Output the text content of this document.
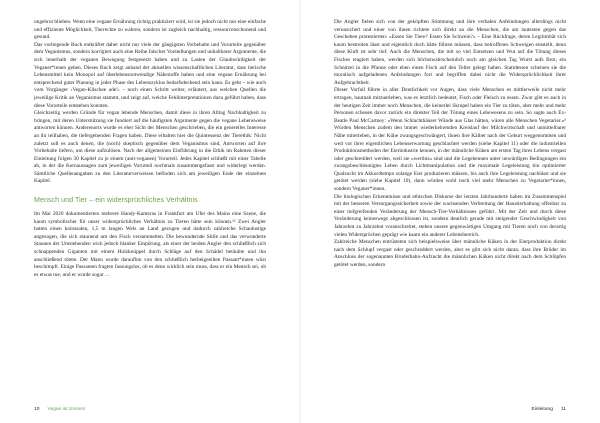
ungebrot blieben. Wenn eine vegane Ernährung richtig praktiziert wird, ist sie jedoch nicht nur eine einfache und effiziente Möglichkeit, Tierrechte zu wahren, sondern ist zugleich nachhaltig, ressourcenschonend und gesund.

Das vorliegende Buch entkräftet daher nicht nur viele der gängigsten Vorbehalte und Vorurteile gegenüber dem Veganismus, sondern korrigiert auch eine Reihe falscher Vorstellungen und unhaltbarer Argumente, die sich innerhalb der veganen Bewegung festgesetzt haben und zu Lasten der Glaubwürdigkeit der Veganer*innen gehen. Dieses Buch zeigt anhand der aktuellen wissenschaftlichen Literatur, dass tierische Lebensmittel kein Monopol auf überlebensnotwendige Nährstoffe haben und eine vegane Ernährung bei entsprechend guter Planung in jeder Phase des Lebenszyklus bedarfsdeckend sein kann. Es geht – wie auch vom Vorgänger ›Vegan-Klischee ade!‹ – noch einen Schritt weiter, erläutert, aus welchen Quellen die jeweilige Kritik an Veganismus stammt, und zeigt auf, welche Fehlinterpretationen dazu geführt haben, dass diese Vorurteile entstehen konnten.

Gleichzeitig werden Gründe für vegan lebende Menschen, damit diese in ihren Alltag Nachhaltigkeit zu bringen, mit deren Unterstützung sie fundiert auf die häufigsten Argumente gegen die vegane Lebensweise antworten können. Anderenorts wurde es eher Sicht der Menschen geschrieben, die ein generelles Interesse an ihr teilhaben, die tiefergehenden Fragen haben. Diese erhalten hier die Quintessenz der Tierethik: Nicht zuletzt soll es auch denen, die (noch) skeptisch gegenüber dem Veganismus sind, Antworten auf ihre Vorbehalte liefern, um diese aufzulösen. Nach der allgemeinen Einführung in die Ethik im Rahmen dieser Einleitung folgen 30 Kapitel zu je einem (anti-veganen) Vorurteil. Jedes Kapitel schließt mit einer Tabelle ab, in der die Kernaussagen zum jeweiligen Vorurteil nochmals zusammengefasst und widerlegt werden. Sämtliche Quellenangaben zu den Literaturverweisen befinden sich am jeweiligen Ende der einzelnen Kapitel.

Mensch und Tier – ein widersprüchliches Verhältnis

Im Mai 2020 dokumentierten mehrere Handy-Kameras in Frankfurt am Ufer des Mains eine Szene, die kaum symbolischer für unser widersprüchliches Verhältnis zu Tieren hätte sein können.¹² Zwei Angler hatten einen kolossalen, 1,5 m langen Wels an Land gezogen und dadurch zahlreiche Schaulustige angezogen, die sich staunend um den Fisch versammelten. Die bewundernde Stille und das verwunderte Staunen der Umstehenden wich jedoch blanker Empörung, als einer der beiden Angler den schließlich sich schnappenden Giganten mit einem Holzknüppel durch Schläge auf den Schädel betäubte und ihn anschließend tötete. Der Mann wurde daraufhin von den schließlich herbeigeeilten Passant*innen wüst beschimpft. Einige Passanten fragten fassungslos, ob es denn wirklich sein muss, dass er ein Mensch sei, ob es etwas tue, und er wurde sogar ...

10 Vegan ist Unsinn!

Die Angler fielen sich von der geköpften Stimmung und ihre verbalen Anfeindungen allerdings nicht verunsichert und einer von ihnen richtete sich direkt an die Menschen, die am lautesten gegen das Geschehen protestierten: »Essen Sie Tiere? Essen Sie Schwein?« – Eine Rückfrage, deren Legitimität sich kaum bestreiten lässt und eigentlich doch hätte führen müssen, dass betroffenes Schweigen einstellt, denn diese Kluft ist sehr tief. Auch die Menschen, die mit so viel Entsetzen und Wut auf die Tötung dieses Fisches reagiert haben, werden sich höchstwahrscheinlich noch am gleichen Tag Wurst aufs Brot, ein Schnitzel in die Pfanne oder eben einen Fisch auf den Teller gelegt haben. Stattdessen scheinen sie die moralisch aufgeladenen Anfeindungen fort und begriffen dabei nicht die Widersprüchlichkeit ihrer Aufgebrachtheit.

Dieser Vorfall führte in aller Deutlichkeit vor Augen, dass viele Menschen es mittlerweile nicht mehr ertragen, hautnah mitzuerleben, was es letztlich bedeutet, Fisch oder Fleisch zu essen. Zwar gibt es auch in der heutigen Zeit immer noch Menschen, die keinerlei Skrupel haben ein Tier zu töten, aber mehr und mehr Personen scheuen davor zurück ein direkter Teil der Tötung eines Lebewesens zu sein. So sagte auch Ex-Beatle Paul McCartney: »Wenn Schlachthäuser Wände aus Glas hätten, wären alle Menschen Vegetarier.«³ Würden Menschen zudem den immer wiederkehrenden Kreislauf der Milchwirtschaft und unmittelbarer Nähe miterleben, in der Kühe zwangsgeschwängert, ihnen ihre Kälber nach der Geburt weggenommen und weit vor ihrer eigentlichen Lebenserwartung geschlachtet werden (siehe Kapitel 11) oder die industriellen Produktionsmethoden der Eierindustrie kennen, in der männliche Küken am ersten Tag ihres Lebens vergast oder geschreddert werden, weil sie »wertlos« sind und die Legehennen unter unwürdigen Bedingungen ein zwangsbeschleunigtes Leben durch Lichtmanipulation und die maximale Legeleistung bin optimierter Qualzucht im Akkordtempo solange Eier produzieren müssen, bis auch ihre Legeleistung nachlässt und sie getötet werden (siehe Kapitel 10), dann würden wohl noch viel mehr Menschen zu Vegetarier*innen, sondern Veganer*innen.

Die biologischen Erkenntnisse und ethischen Diskurse der letzten Jahrhunderte haben im Zusammenspiel mit der besseren Versorgungssicherheit sowie der wachsenden Verbreitung der Haustierhaltung offenbar zu einer tiefgreifenden Veränderung der Mensch-Tier-Verhältnisses geführt. Mit der Zeit und durch diese Veränderung keineswegs abgeschlossen ist, sondern deutlich gerade mit steigender Geschwindigkeit von Jahrzehnt zu Jahrzehnt voranschreitet, stehen unsere gegenwärtigen Umgang mit Tieren noch von derartig vielen Widersprüchen geprägt wie kaum ein anderer Lebensbereich.

Zahlreiche Menschen entrüsteten sich beispielsweise über männliche Küken in der Eierproduktion direkt nach dem Schlupf vergast oder geschreddert werden, aber es gibt sich nicht daran, dass ihre Brüder im Anschluss der sogenannten Bruderhahn-Aufzucht die männlichen Küken nicht direkt nach dem Schlüpfen getötet werden, sondern

Einleitung 11
